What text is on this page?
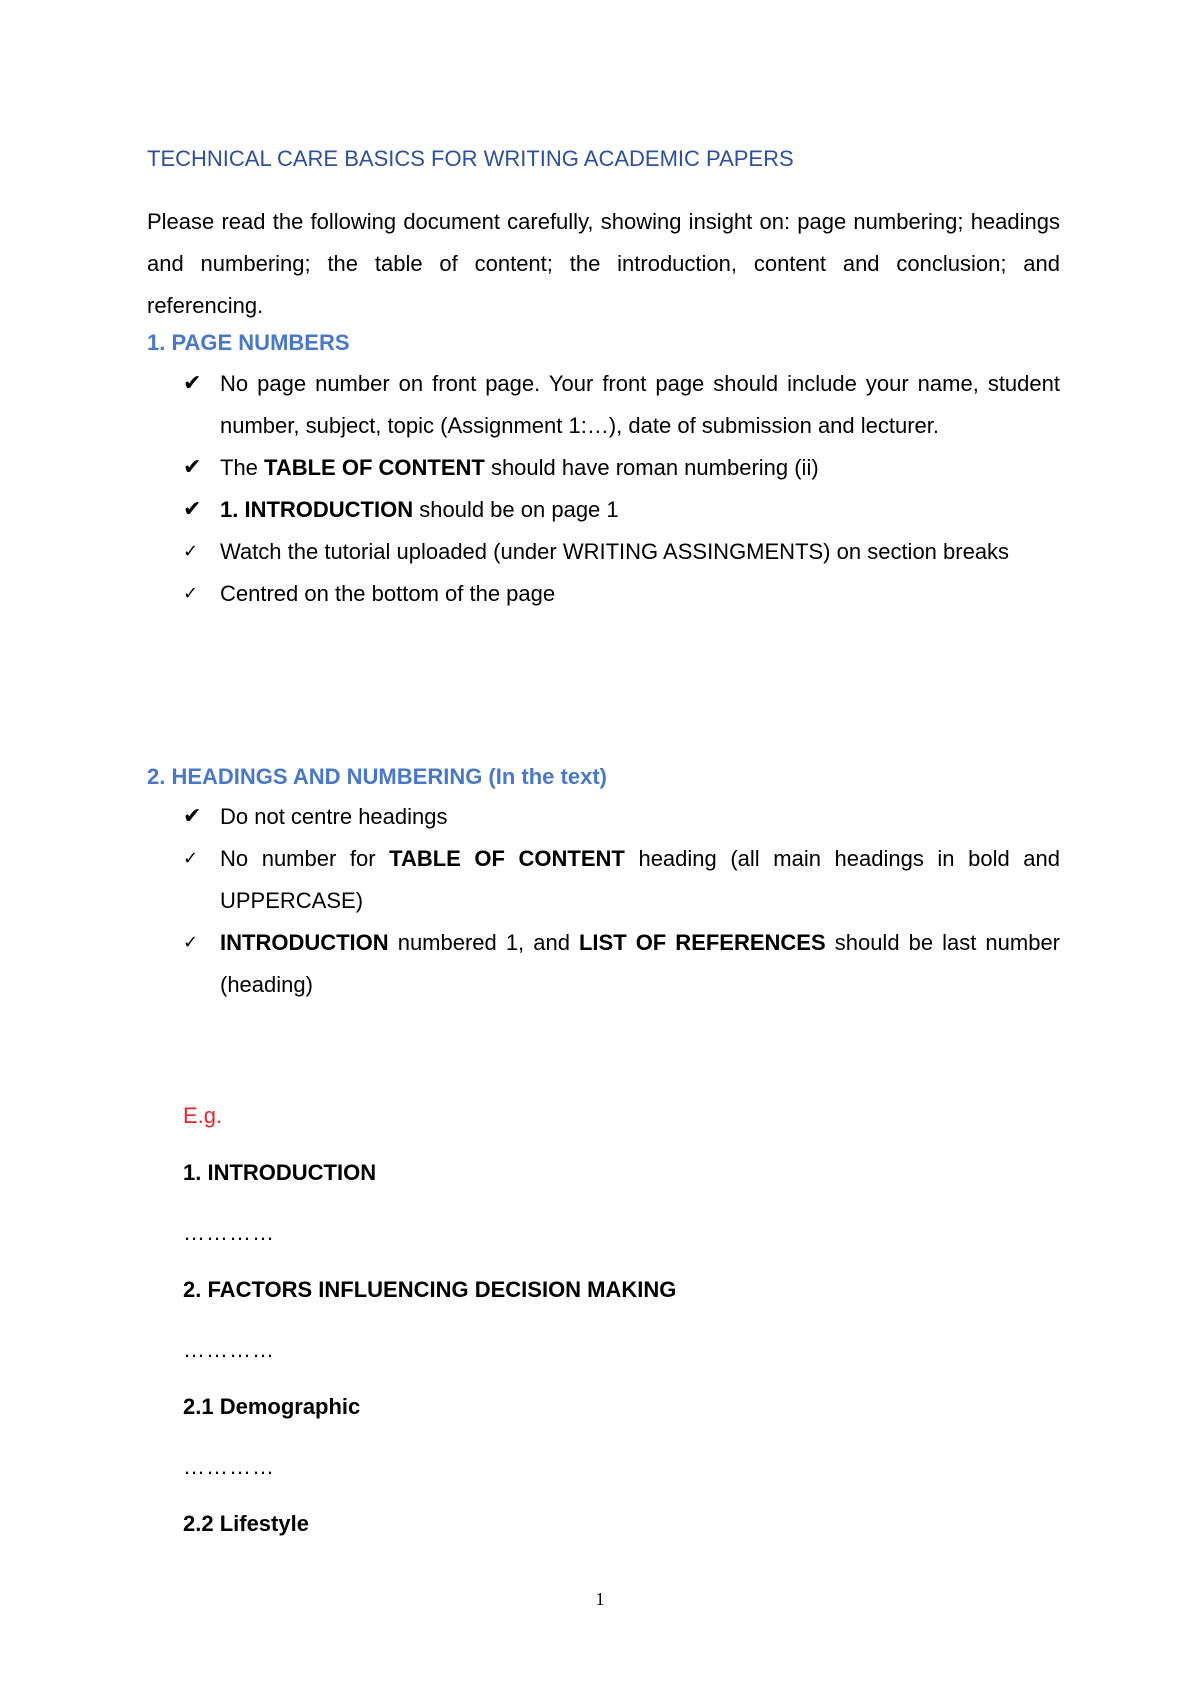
TECHNICAL CARE BASICS FOR WRITING ACADEMIC PAPERS

Please read the following document carefully, showing insight on: page numbering; headings and numbering; the table of content; the introduction, content and conclusion; and referencing.

1. PAGE NUMBERS
✔ No page number on front page. Your front page should include your name, student number, subject, topic (Assignment 1:…), date of submission and lecturer.
✔ The TABLE OF CONTENT should have roman numbering (ii)
✔ 1. INTRODUCTION should be on page 1
✓ Watch the tutorial uploaded (under WRITING ASSINGMENTS) on section breaks
✓ Centred on the bottom of the page
2. HEADINGS AND NUMBERING (In the text)
✔ Do not centre headings
✓ No number for TABLE OF CONTENT heading (all main headings in bold and UPPERCASE)
✓ INTRODUCTION numbered 1, and LIST OF REFERENCES should be last number (heading)
E.g.
1. INTRODUCTION
…………
2. FACTORS INFLUENCING DECISION MAKING
…………
2.1 Demographic
…………
2.2 Lifestyle
1
